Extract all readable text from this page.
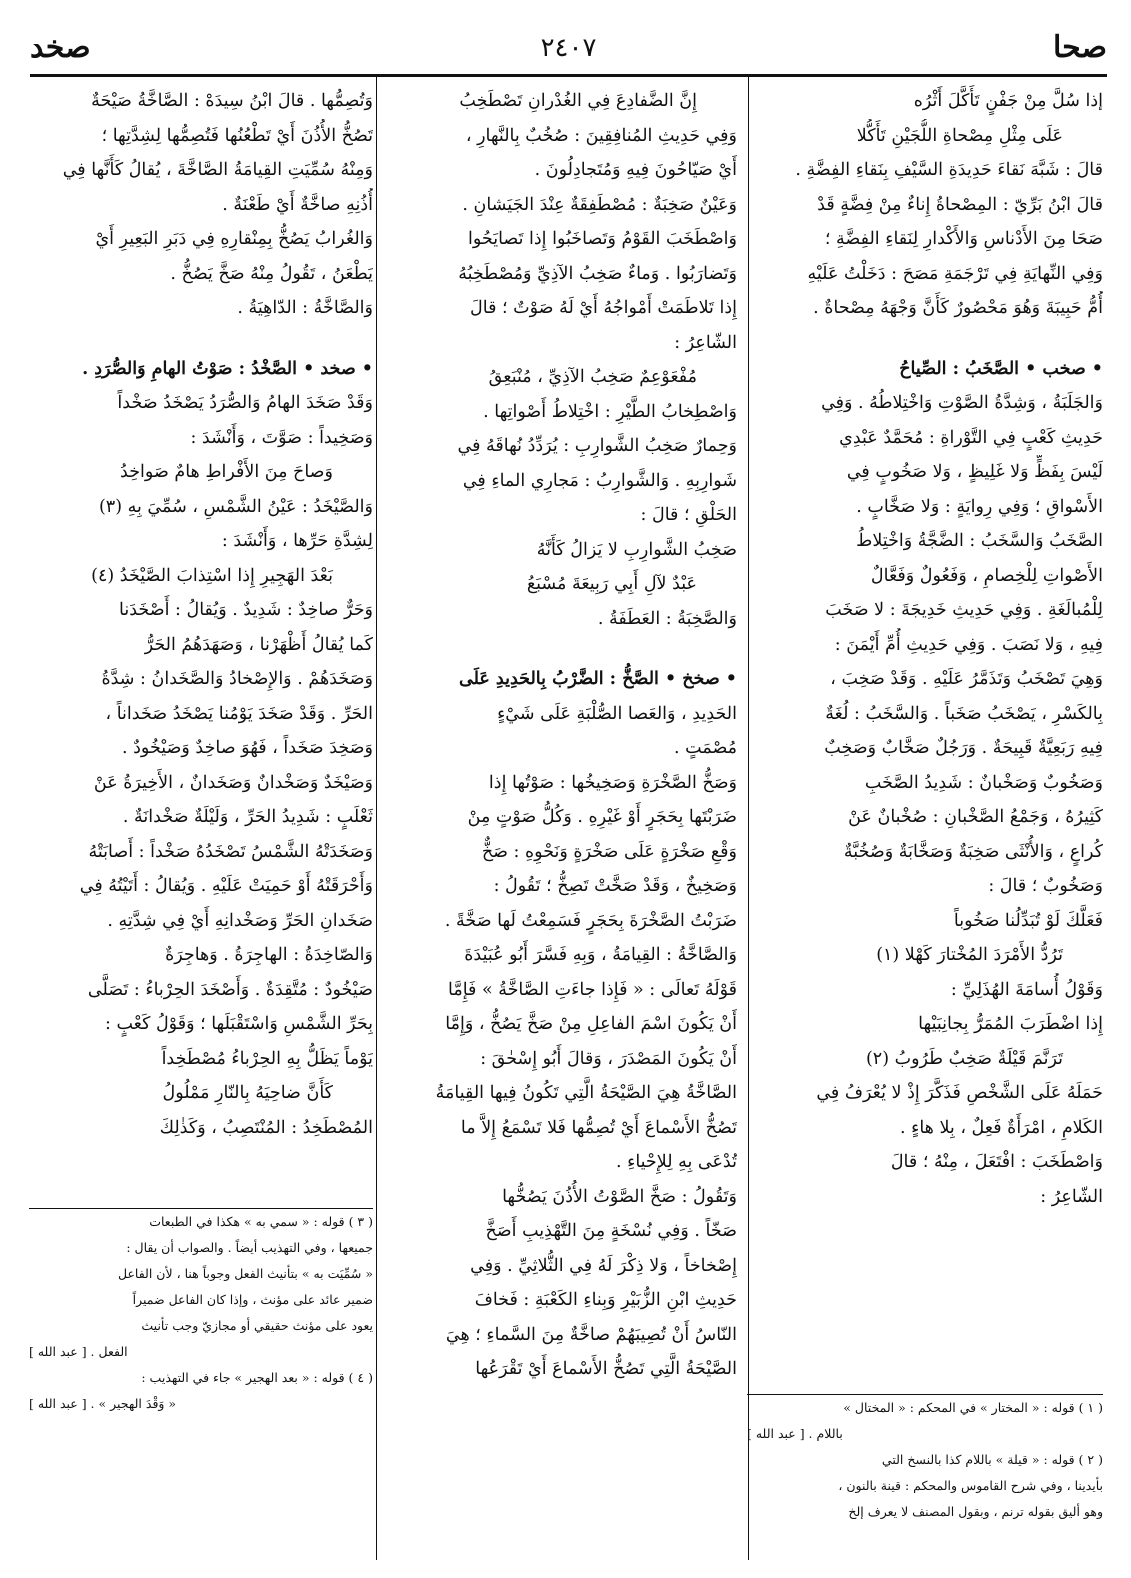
صحا
٢٤٠٧
صخد
إذا سُلَّ مِنْ جَفْنٍ تَأَكَّلَ أَثْرُه
عَلَى مِثْلِ مِصْحاةِ اللُّجَيْنِ تَأَكُّلا
قالَ : شَبَّهَ نَقاءَ حَدِيدَةِ السَّيْفِ بِنَقاءِ الفِضَّةِ .
قالَ ابْنُ بَرِّيّ : المِصْحاةُ إِناءٌ مِنْ فِضَّةٍ قَدْ
صَحَا مِنَ الأَدْناسِ وَالأَكْدارِ لِنَقاءِ الفِضَّةِ ؛
وَفِي النِّهايَةِ فِي تَرْجَمَةِ مَصَحَ : دَخَلْتُ عَلَيْهِ
أُمُّ حَبِيبَةَ وَهُوَ مَحْصُورٌ كَأَنَّ وَجْهَهُ مِصْحاةٌ .
• صخب • الصَّخَبُ : الصِّياحُ
وَالجَلَبَةُ ، وَشِدَّةُ الصَّوْتِ وَاخْتِلاطُهُ . وَفِي
حَدِيثِ كَعْبٍ فِي التَّوْراةِ : مُحَمَّدٌ عَبْدِي
لَيْسَ بِفَظٍّ وَلا غَلِيظٍ ، وَلا صَخُوبٍ فِي
الأَسْواقِ ؛ وَفِي رِوايَةٍ : وَلا صَخَّابٍ .
الصَّخَبُ وَالسَّخَبُ : الضَّجَّةُ وَاخْتِلاطُ
الأَصْواتِ لِلْخِصامِ ، وَفَعُولٌ وَفَعَّالٌ
لِلْمُبالَغَةِ . وَفِي حَدِيثِ خَدِيجَةَ : لا صَخَبَ
فِيهِ ، وَلا نَصَبَ . وَفِي حَدِيثِ أُمِّ أَيْمَنَ :
وَهِيَ تَصْخَبُ وَتَذَمَّرُ عَلَيْهِ . وَقَدْ صَخِبَ ،
بِالكَسْرِ ، يَصْخَبُ صَخَباً . وَالسَّخَبُ : لُغَةٌ
فِيهِ رَبَعِيَّةٌ قَبِيحَةٌ . وَرَجُلٌ صَخَّابٌ وَصَخِبٌ
وَصَخُوبٌ وَصَخْبانٌ : شَدِيدُ الصَّخَبِ
كَثِيرُهُ ، وَجَمْعُ الصَّخْبانِ : صُخْبانٌ عَنْ
كُراعٍ ، وَالأُنْثَى صَخِبَةٌ وَصَخَّابَةٌ وَصُخُبَّةٌ
وَصَخُوبٌ ؛ قالَ :
فَعَلَّكَ لَوْ تُبَدِّلُنا صَخُوباً
تَرُدُّ الأَمْرَدَ المُخْتارَ كَهْلا (١)
وَقَوْلُ أُسامَةَ الهُذَلِيِّ :
إِذا اضْطَرَبَ المُمَرُّ بِجانِبَيْها
تَرَنَّمَ قَيْلَةٌ صَخِبٌ طَرُوبُ (٢)
حَمَلَهُ عَلَى الشَّخْصِ فَذَكَّرَ إِذْ لا يُعْرَفُ فِي
الكَلامِ ، امْرَأَةٌ فَعِلٌ ، بِلا هاءٍ .
وَاصْطَخَبَ : افْتَعَلَ ، مِنْهُ ؛ قالَ
الشّاعِرُ :
( ١ ) قوله : « المختار » في المحكم : « المختال »
باللام . [ عبد الله ]
( ٢ ) قوله : « قيلة » باللام كذا بالنسخ التي
بأيدينا ، وفي شرح القاموس والمحكم : قينة بالنون ،
وهو أليق بقوله ترنم ، وبقول المصنف لا يعرف إلخ
إِنَّ الضَّفادِعَ فِي الغُدْرانِ تَصْطَخِبُ
وَفِي حَدِيثِ المُنافِقِينَ : صُخُبٌ بِالنَّهارِ ،
أَيْ صَيّاحُونَ فِيهِ وَمُتَجادِلُونَ .
وَعَيْنٌ صَخِبَةٌ : مُصْطَفِقَةٌ عِنْدَ الجَيَشانِ .
وَاصْطَخَبَ القَوْمُ وَتَصاخَبُوا إِذا تَصايَحُوا
وَتَضارَبُوا . وَماءٌ صَخِبُ الآذِيِّ وَمُصْطَخِبُهُ
إِذا تَلاطَمَتْ أَمْواجُهُ أَيْ لَهُ صَوْتٌ ؛ قالَ
الشّاعِرُ :
مُفْعَوْعِمٌ صَخِبُ الآذِيِّ ، مُنْبَعِقُ
وَاصْطِخابُ الطَّيْرِ : اخْتِلاطُ أَصْواتِها .
وَحِمارٌ صَخِبُ الشَّوارِبِ : يُرَدِّدُ نُهاقَهُ فِي
شَوارِبِهِ . وَالشَّوارِبُ : مَجارِي الماءِ فِي
الحَلْقِ ؛ قالَ :
صَخِبُ الشَّوارِبِ لا يَزالُ كَأَنَّهُ
عَبْدٌ لآلِ أَبِي رَبِيعَةَ مُسْبَعُ
وَالصَّخِبَةُ : العَطَفَةُ .
• صخخ • الصَّخُّ : الضَّرْبُ بِالحَدِيدِ عَلَى
الحَدِيدِ ، وَالعَصا الصُّلْبَةِ عَلَى شَيْءٍ
مُصْمَتٍ .
وَصَخُّ الصَّخْرَةِ وَصَخِيخُها : صَوْتُها إِذا
ضَرَبْتَها بِحَجَرٍ أَوْ غَيْرِهِ . وَكُلُّ صَوْتٍ مِنْ
وَقْعِ صَخْرَةٍ عَلَى صَخْرَةٍ وَنَحْوِهِ : صَخٌّ
وَصَخِيخٌ ، وَقَدْ صَخَّتْ تَصِخُّ ؛ تَقُولُ :
ضَرَبْتُ الصَّخْرَةَ بِحَجَرٍ فَسَمِعْتُ لَها صَخَّةً .
وَالصَّاخَّةُ : القِيامَةُ ، وَبِهِ فَسَّرَ أَبُو عُبَيْدَةَ
قَوْلَهُ تَعالَى : « فَإِذا جاءَتِ الصَّاخَّةُ » فَإِمَّا
أَنْ يَكُونَ اسْمَ الفاعِلِ مِنْ صَخَّ يَصُخُّ ، وَإِمَّا
أَنْ يَكُونَ المَصْدَرَ ، وَقالَ أَبُو إِسْحٰقَ :
الصَّاخَّةُ هِيَ الصَّيْحَةُ الَّتِي تَكُونُ فِيها القِيامَةُ
تَصُخُّ الأَسْماعَ أَيْ تُصِمُّها فَلا تَسْمَعُ إِلاَّ ما
تُدْعَى بِهِ لِلإِحْياءِ .
وَتَقُولُ : صَخَّ الصَّوْتُ الأُذُنَ يَصُخُّها
صَخّاً . وَفِي نُسْخَةٍ مِنَ التَّهْذِيبِ أَصَخَّ
إِصْخاخاً ، وَلا ذِكْرَ لَهُ فِي الثُّلاثِيِّ . وَفِي
حَدِيثِ ابْنِ الزُّبَيْرِ وَبِناءِ الكَعْبَةِ : فَخافَ
النّاسُ أَنْ تُصِيبَهُمْ صاخَّةٌ مِنَ السَّماءِ ؛ هِيَ
الصَّيْحَةُ الَّتِي تَصُخُّ الأَسْماعَ أَيْ تَقْرَعُها
وَتُصِمُّها . قالَ ابْنُ سِيدَهْ : الصَّاخَّةُ صَيْحَةٌ
تَصُخُّ الأُذُنَ أَيْ تَطْعُنُها فَتُصِمُّها لِشِدَّتِها ؛
وَمِنْهُ سُمِّيَتِ القِيامَةُ الصَّاخَّةَ ، يُقالُ كَأَنَّها فِي
أُذُنِهِ صاخَّةٌ أَيْ طَعْنَةٌ .
وَالغُرابُ يَصُخُّ بِمِنْقارِهِ فِي دَبَرِ البَعِيرِ أَيْ
يَطْعَنُ ، تَقُولُ مِنْهُ صَخَّ يَصُخُّ .
وَالصَّاخَّةُ : الدّاهِيَةُ .
• صخد • الصَّخْدُ : صَوْتُ الهامِ وَالصُّرَدِ .
وَقَدْ صَخَدَ الهامُ وَالصُّرَدُ يَصْخَدُ صَخْداً
وَصَخِيداً : صَوَّتَ ، وَأَنْشَدَ :
وَصاحَ مِنَ الأَفْراطِ هامٌ صَواخِدُ
وَالصَّيْخَدُ : عَيْنُ الشَّمْسِ ، سُمِّيَ بِهِ (٣)
لِشِدَّةِ حَرِّها ، وَأَنْشَدَ :
بَعْدَ الهَجِيرِ إِذا اسْتِذابَ الصَّيْخَدُ (٤)
وَحَرٌّ صاخِدٌ : شَدِيدٌ . وَيُقالُ : أَصْخَدَنا
كَما يُقالُ أَظْهَرْنا ، وَصَهَدَهُمُ الحَرُّ
وَصَخَدَهُمْ . وَالإِصْخادُ وَالصَّخَدانُ : شِدَّةُ
الحَرِّ . وَقَدْ صَخَدَ يَوْمُنا يَصْخَدُ صَخَداناً ،
وَصَخِدَ صَخَداً ، فَهُوَ صاخِدٌ وَصَيْخُودٌ .
وَصَيْخَدٌ وَصَخْدانٌ وَصَخَدانٌ ، الأَخِيرَةُ عَنْ
ثَعْلَبٍ : شَدِيدُ الحَرِّ ، وَلَيْلَةٌ صَخْدانَةٌ .
وَصَخَدَتْهُ الشَّمْسُ تَصْخَدُهُ صَخْداً : أَصابَتْهُ
وَأَحْرَقَتْهُ أَوْ حَمِيَتْ عَلَيْهِ . وَيُقالُ : أَتَيْتُهُ فِي
صَخَدانِ الحَرِّ وَصَخْدانِهِ أَيْ فِي شِدَّتِهِ .
وَالصّاخِدَةُ : الهاجِرَةُ . وَهاجِرَةٌ
صَيْخُودٌ : مُتَّقِدَةٌ . وَأَصْخَدَ الحِرْباءُ : تَصَلَّى
بِحَرِّ الشَّمْسِ وَاسْتَقْبَلَها ؛ وَقَوْلُ كَعْبٍ :
يَوْماً يَظَلُّ بِهِ الحِرْباءُ مُصْطَخِداً
كَأَنَّ ضاحِيَهُ بِالنّارِ مَمْلُولُ
المُصْطَخِدُ : المُنْتَصِبُ ، وَكَذٰلِكَ
( ٣ ) قوله : « سمي به » هكذا في الطبعات
جميعها ، وفي التهذيب أيضاً . والصواب أن يقال :
« سُمِّيَت به » بتأنيث الفعل وجوباً هنا ، لأن الفاعل
ضمير عائد على مؤنث ، وإذا كان الفاعل ضميراً
يعود على مؤنث حقيقي أو مجازيّ وجب تأنيث
الفعل . [ عبد الله ]
( ٤ ) قوله : « بعد الهجير » جاء في التهذيب :
« وَقْدَ الهجير » . [ عبد الله ]
